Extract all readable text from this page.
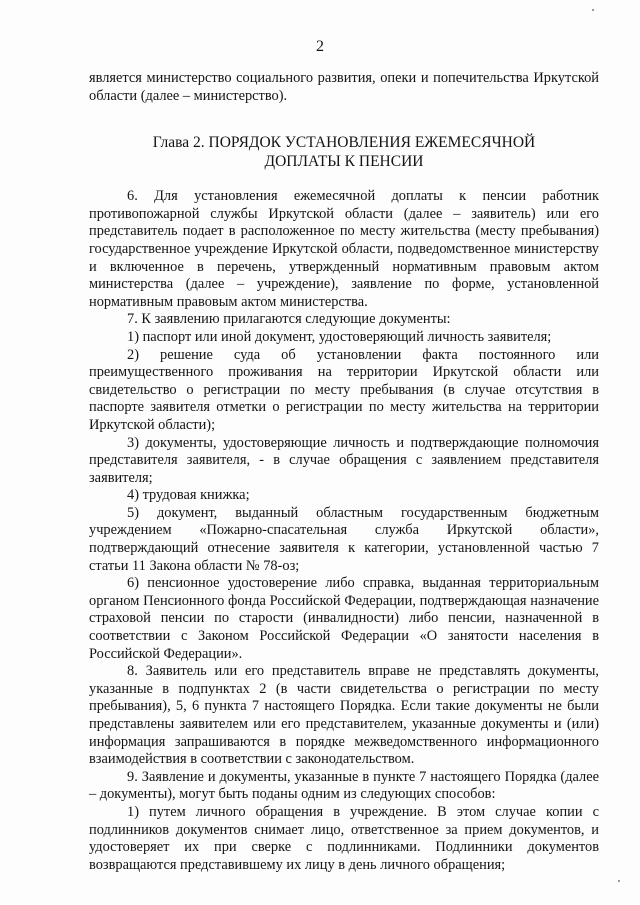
2

является министерство социального развития, опеки и попечительства Иркутской области (далее – министерство).

Глава 2. ПОРЯДОК УСТАНОВЛЕНИЯ ЕЖЕМЕСЯЧНОЙ
ДОПЛАТЫ К ПЕНСИИ

6. Для установления ежемесячной доплаты к пенсии работник противопожарной службы Иркутской области (далее – заявитель) или его представитель подает в расположенное по месту жительства (месту пребывания) государственное учреждение Иркутской области, подведомственное министерству и включенное в перечень, утвержденный нормативным правовым актом министерства (далее – учреждение), заявление по форме, установленной нормативным правовым актом министерства.

7. К заявлению прилагаются следующие документы:

1) паспорт или иной документ, удостоверяющий личность заявителя;

2) решение суда об установлении факта постоянного или преимущественного проживания на территории Иркутской области или свидетельство о регистрации по месту пребывания (в случае отсутствия в паспорте заявителя отметки о регистрации по месту жительства на территории Иркутской области);

3) документы, удостоверяющие личность и подтверждающие полномочия представителя заявителя, - в случае обращения с заявлением представителя заявителя;

4) трудовая книжка;

5) документ, выданный областным государственным бюджетным учреждением «Пожарно-спасательная служба Иркутской области», подтверждающий отнесение заявителя к категории, установленной частью 7 статьи 11 Закона области № 78-оз;

6) пенсионное удостоверение либо справка, выданная территориальным органом Пенсионного фонда Российской Федерации, подтверждающая назначение страховой пенсии по старости (инвалидности) либо пенсии, назначенной в соответствии с Законом Российской Федерации «О занятости населения в Российской Федерации».

8. Заявитель или его представитель вправе не представлять документы, указанные в подпунктах 2 (в части свидетельства о регистрации по месту пребывания), 5, 6 пункта 7 настоящего Порядка. Если такие документы не были представлены заявителем или его представителем, указанные документы и (или) информация запрашиваются в порядке межведомственного информационного взаимодействия в соответствии с законодательством.

9. Заявление и документы, указанные в пункте 7 настоящего Порядка (далее – документы), могут быть поданы одним из следующих способов:

1) путем личного обращения в учреждение. В этом случае копии с подлинников документов снимает лицо, ответственное за прием документов, и удостоверяет их при сверке с подлинниками. Подлинники документов возвращаются представившему их лицу в день личного обращения;
